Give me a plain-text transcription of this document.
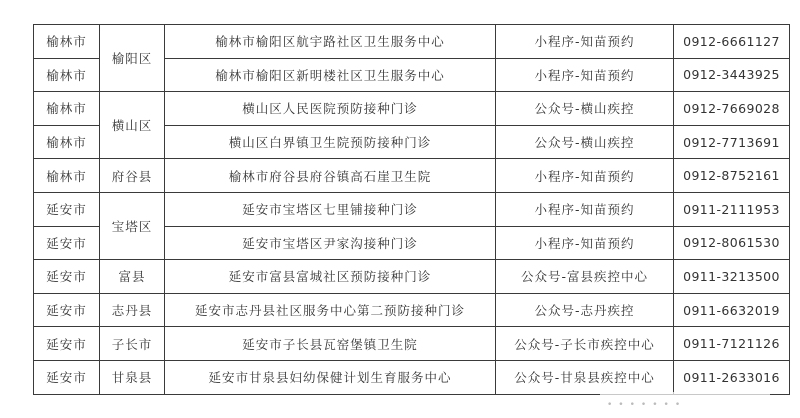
榆林市	榆阳区	榆林市榆阳区航宇路社区卫生服务中心	小程序-知苗预约	0912-6661127
榆林市		榆林市榆阳区新明楼社区卫生服务中心	小程序-知苗预约	0912-3443925
榆林市	横山区	横山区人民医院预防接种门诊	公众号-横山疾控	0912-7669028
榆林市		横山区白界镇卫生院预防接种门诊	公众号-横山疾控	0912-7713691
榆林市	府谷县	榆林市府谷县府谷镇高石崖卫生院	小程序-知苗预约	0912-8752161
延安市	宝塔区	延安市宝塔区七里铺接种门诊	小程序-知苗预约	0911-2111953
延安市		延安市宝塔区尹家沟接种门诊	小程序-知苗预约	0912-8061530
延安市	富县	延安市富县富城社区预防接种门诊	公众号-富县疾控中心	0911-3213500
延安市	志丹县	延安市志丹县社区服务中心第二预防接种门诊	公众号-志丹疾控	0911-6632019
延安市	子长市	延安市子长县瓦窑堡镇卫生院	公众号-子长市疾控中心	0911-7121126
延安市	甘泉县	延安市甘泉县妇幼保健计划生育服务中心	公众号-甘泉县疾控中心	0911-2633016
•••••••
